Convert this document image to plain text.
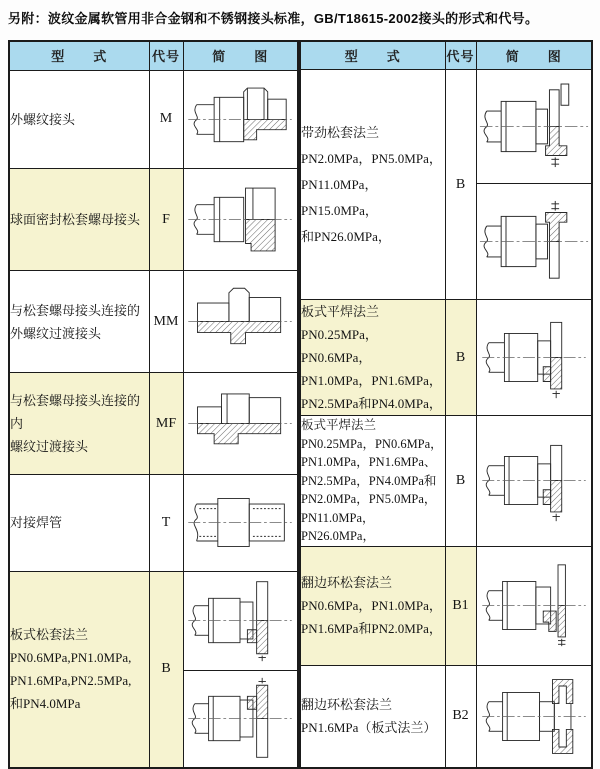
另附：波纹金属软管用非合金钢和不锈钢接头标准，GB/T18615-2002接头的形式和代号。
型　　式	代号	简　　图
外螺纹接头	M	

球面密封松套螺母接头	F	

与松套螺母接头连接的
外螺纹过渡接头	MM	

与松套螺母接头连接的内
螺纹过渡接头	MF	

对接焊管	T	

板式松套法兰
PN0.6MPa,PN1.0MPa,
PN1.6MPa,PN2.5MPa,
和PN4.0MPa	B	

型　　式	代号	简　　图
带劲松套法兰
PN2.0MPa，PN5.0MPa，
PN11.0MPa，PN15.0MPa，
和PN26.0MPa，	B	

板式平焊法兰
PN0.25MPa，PN0.6MPa，
PN1.0MPa，PN1.6MPa，
PN2.5MPa和PN4.0MPa，	B	

板式平焊法兰
PN0.25MPa，PN0.6MPa，
PN1.0MPa，PN1.6MPa、
PN2.5MPa，PN4.0MPa和
PN2.0MPa，PN5.0MPa，
PN11.0MPa，PN26.0MPa，	B	

翻边环松套法兰
PN0.6MPa，PN1.0MPa，
PN1.6MPa和PN2.0MPa，	B1	

翻边环松套法兰
PN1.6MPa（板式法兰）	B2	
